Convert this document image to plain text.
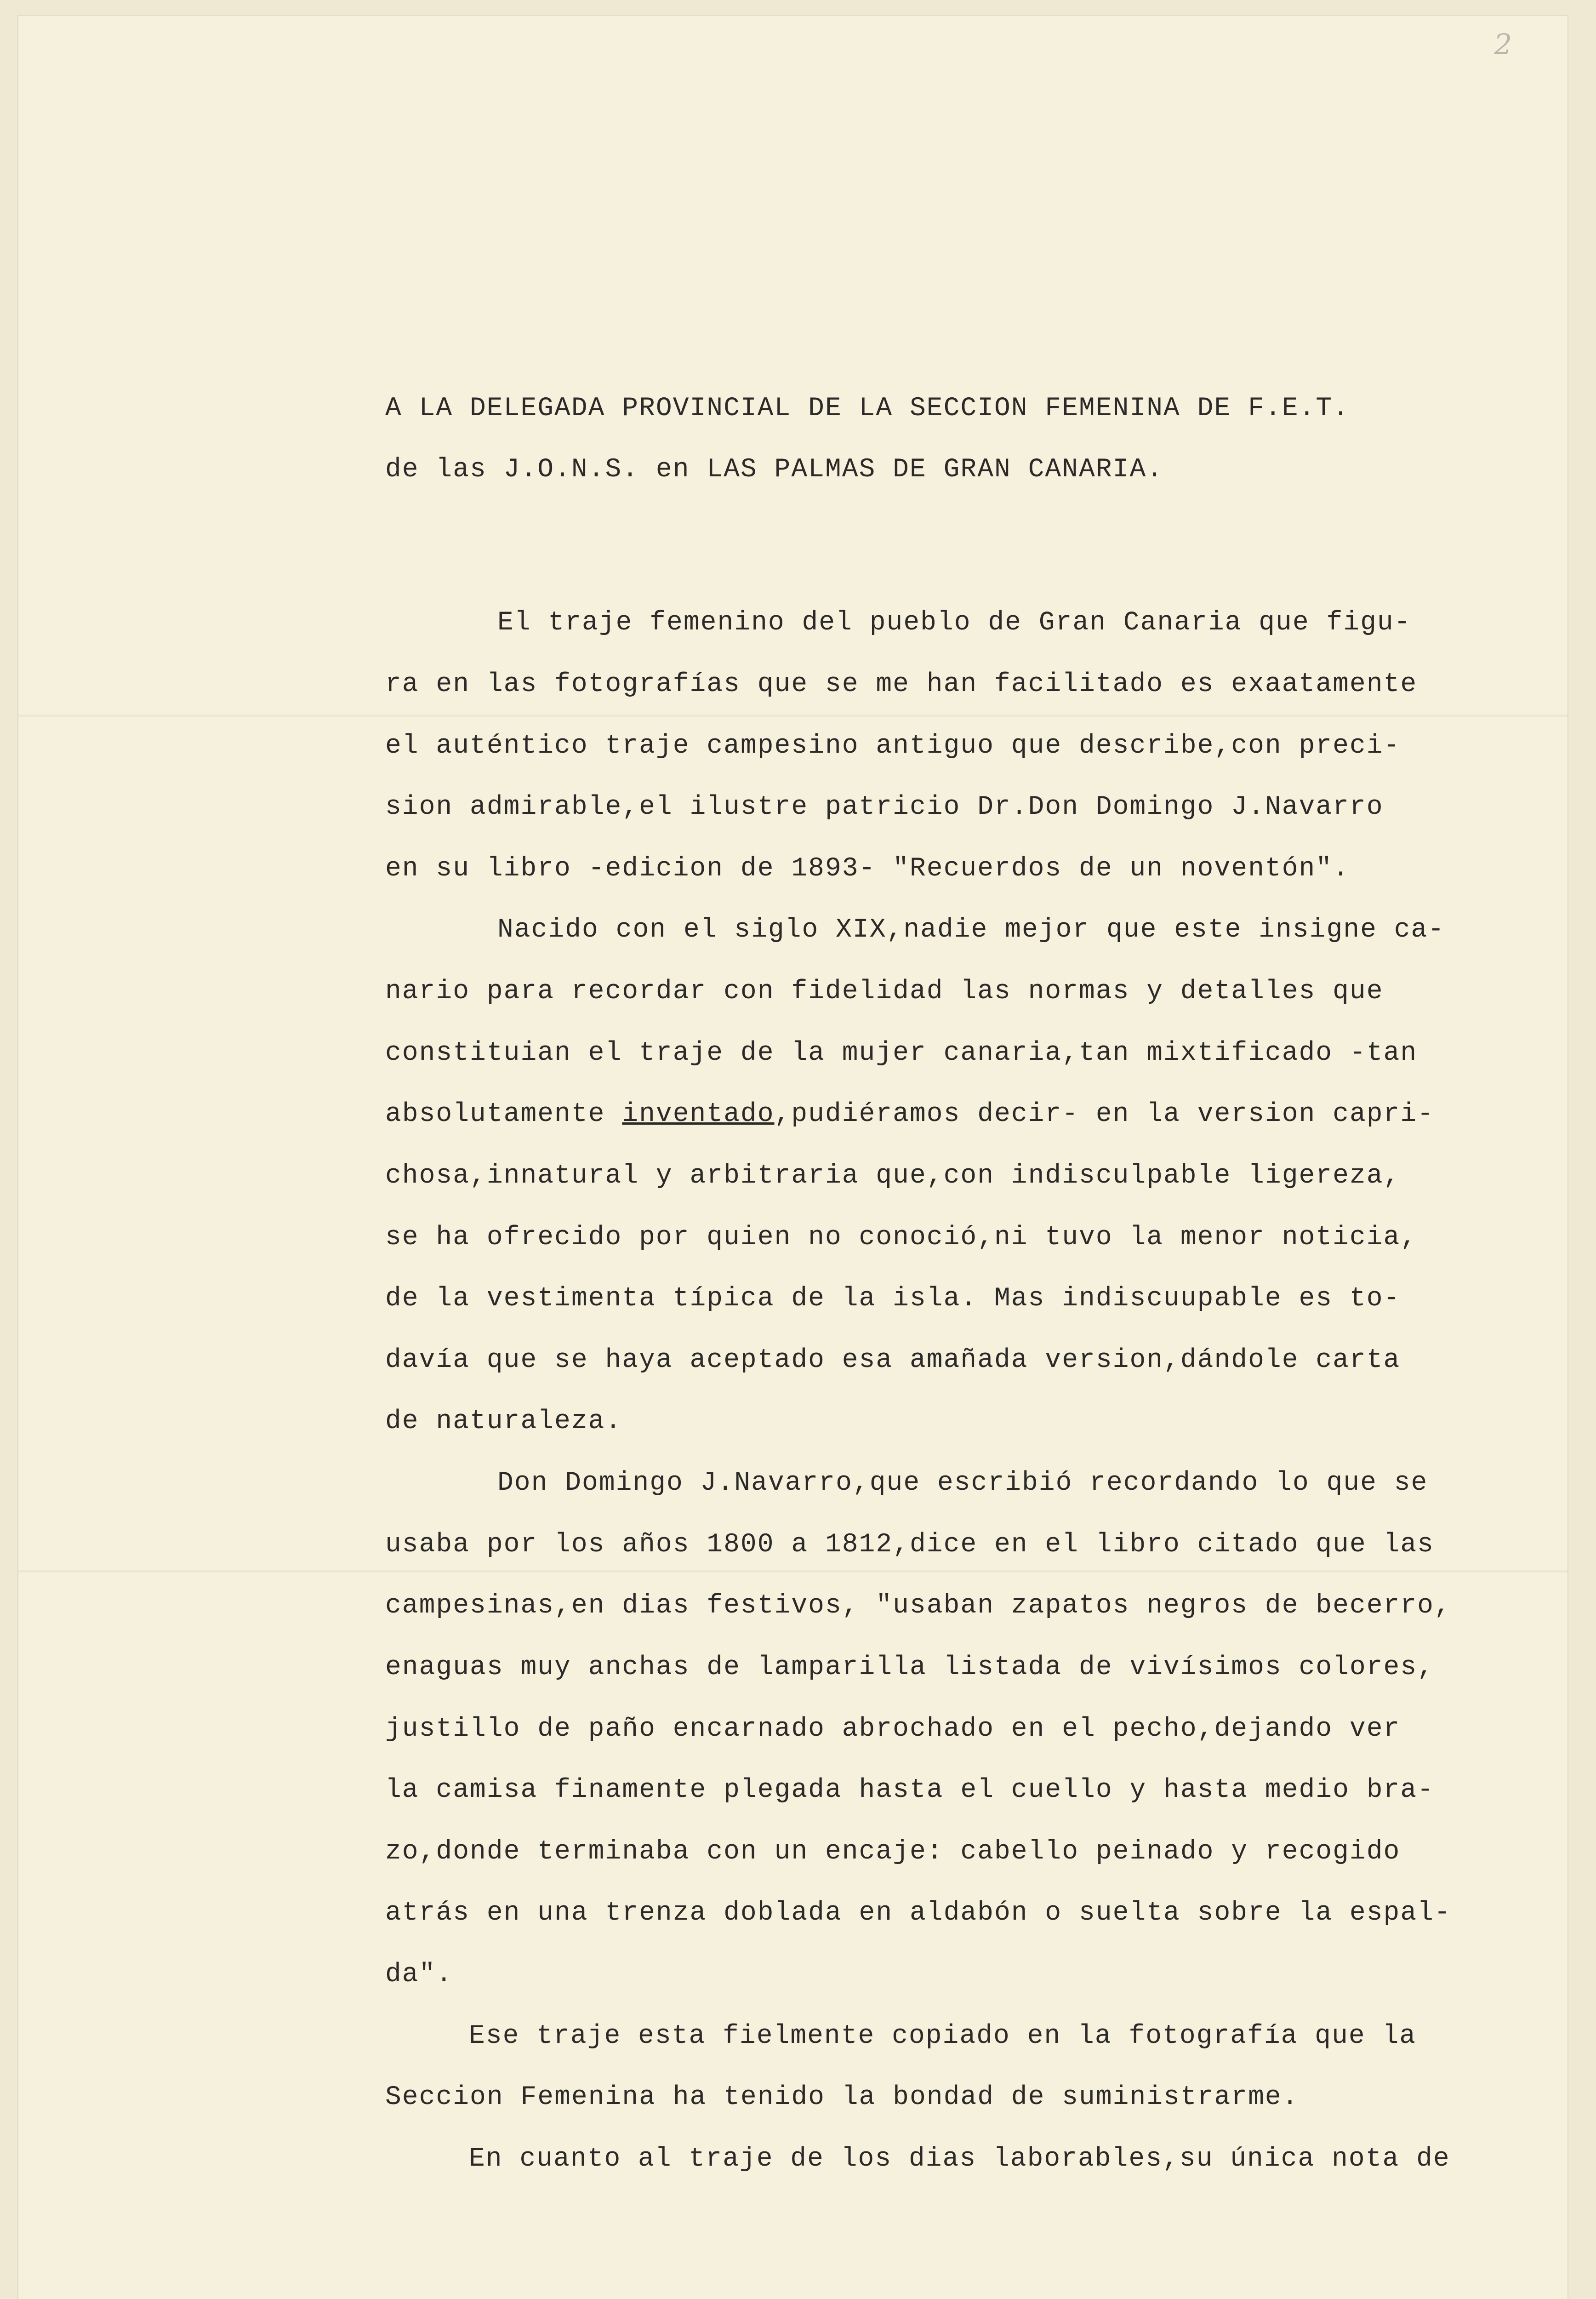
2
A LA DELEGADA PROVINCIAL DE LA SECCION FEMENINA DE F.E.T.
de las J.O.N.S. en LAS PALMAS DE GRAN CANARIA.
El traje femenino del pueblo de Gran Canaria que figu-
ra en las fotografías que se me han facilitado es exaatamente
el auténtico traje campesino antiguo que describe,con preci-
sion admirable,el ilustre patricio Dr.Don Domingo J.Navarro
en su libro -edicion de 1893- "Recuerdos de un noventón".
Nacido con el siglo XIX,nadie mejor que este insigne ca-
nario para recordar con fidelidad las normas y detalles que
constituian el traje de la mujer canaria,tan mixtificado -tan
absolutamente inventado,pudiéramos decir- en la version capri-
chosa,innatural y arbitraria que,con indisculpable ligereza,
se ha ofrecido por quien no conoció,ni tuvo la menor noticia,
de la vestimenta típica de la isla. Mas indiscuupable es to-
davía que se haya aceptado esa amañada version,dándole carta
de naturaleza.
Don Domingo J.Navarro,que escribió recordando lo que se
usaba por los años 1800 a 1812,dice en el libro citado que las
campesinas,en dias festivos, "usaban zapatos negros de becerro,
enaguas muy anchas de lamparilla listada de vivísimos colores,
justillo de paño encarnado abrochado en el pecho,dejando ver
la camisa finamente plegada hasta el cuello y hasta medio bra-
zo,donde terminaba con un encaje: cabello peinado y recogido
atrás en una trenza doblada en aldabón o suelta sobre la espal-
da".
Ese traje esta fielmente copiado en la fotografía que la
Seccion Femenina ha tenido la bondad de suministrarme.
En cuanto al traje de los dias laborables,su única nota de
